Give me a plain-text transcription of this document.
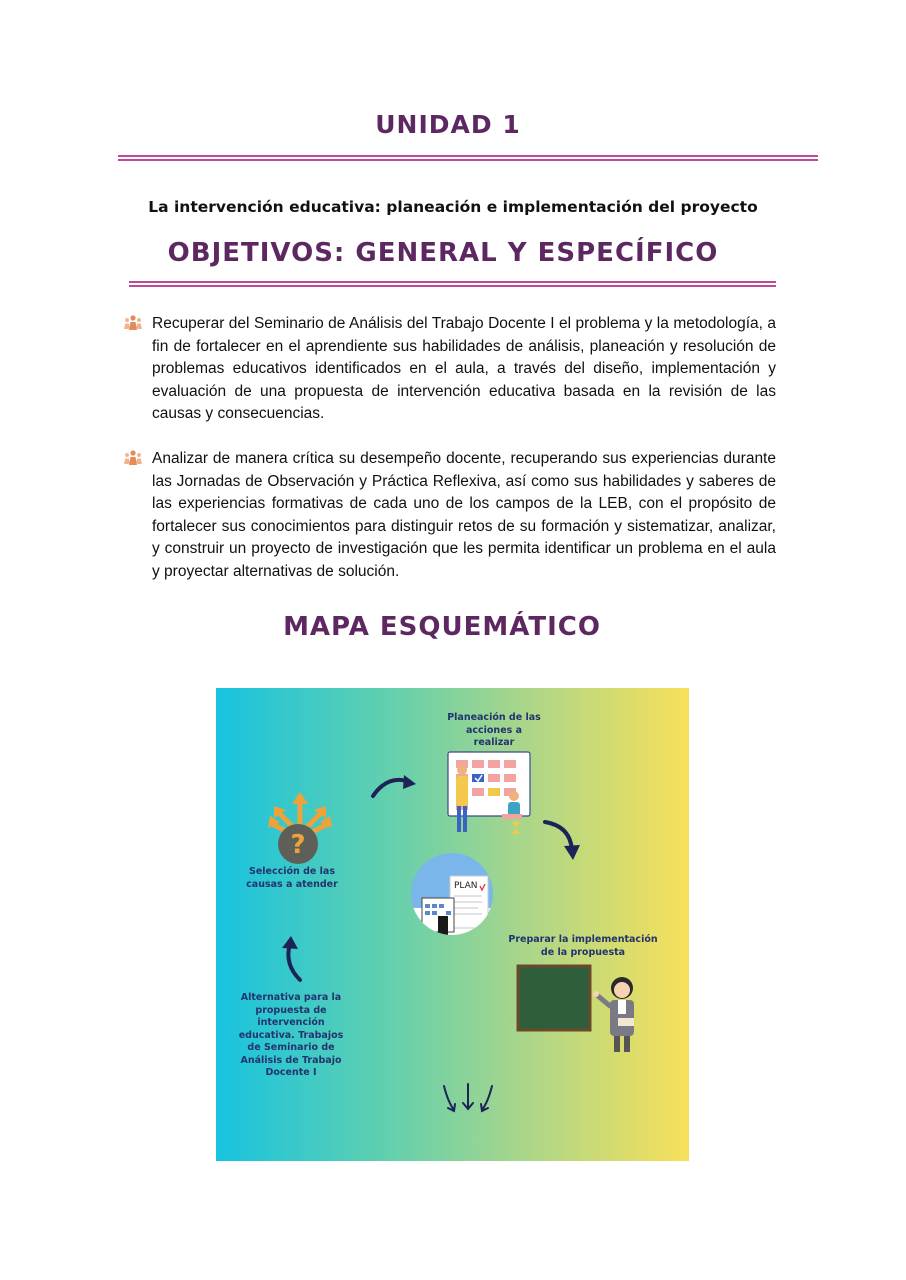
UNIDAD 1
La intervención educativa: planeación e implementación del proyecto
OBJETIVOS: GENERAL Y ESPECÍFICO
Recuperar del Seminario de Análisis del Trabajo Docente I el problema y la metodología, a fin de fortalecer en el aprendiente sus habilidades de análisis, planeación y resolución de problemas educativos identificados en el aula, a través del diseño, implementación y evaluación de una propuesta de intervención educativa basada en la revisión de las causas y consecuencias.
Analizar de manera crítica su desempeño docente, recuperando sus experiencias durante las Jornadas de Observación y Práctica Reflexiva, así como sus habilidades y saberes de las experiencias formativas de cada uno de los campos de la LEB, con el propósito de fortalecer sus conocimientos para distinguir retos de su formación y sistematizar, analizar, y construir un proyecto de investigación que les permita identificar un problema en el aula y proyectar alternativas de solución.
MAPA ESQUEMÁTICO
Planeación de las acciones a realizar
?
Selección de las causas a atender	PLAN
Preparar la implementación de la propuesta
Alternativa para la propuesta de intervención educativa. Trabajos de Seminario de Análisis de Trabajo Docente I
